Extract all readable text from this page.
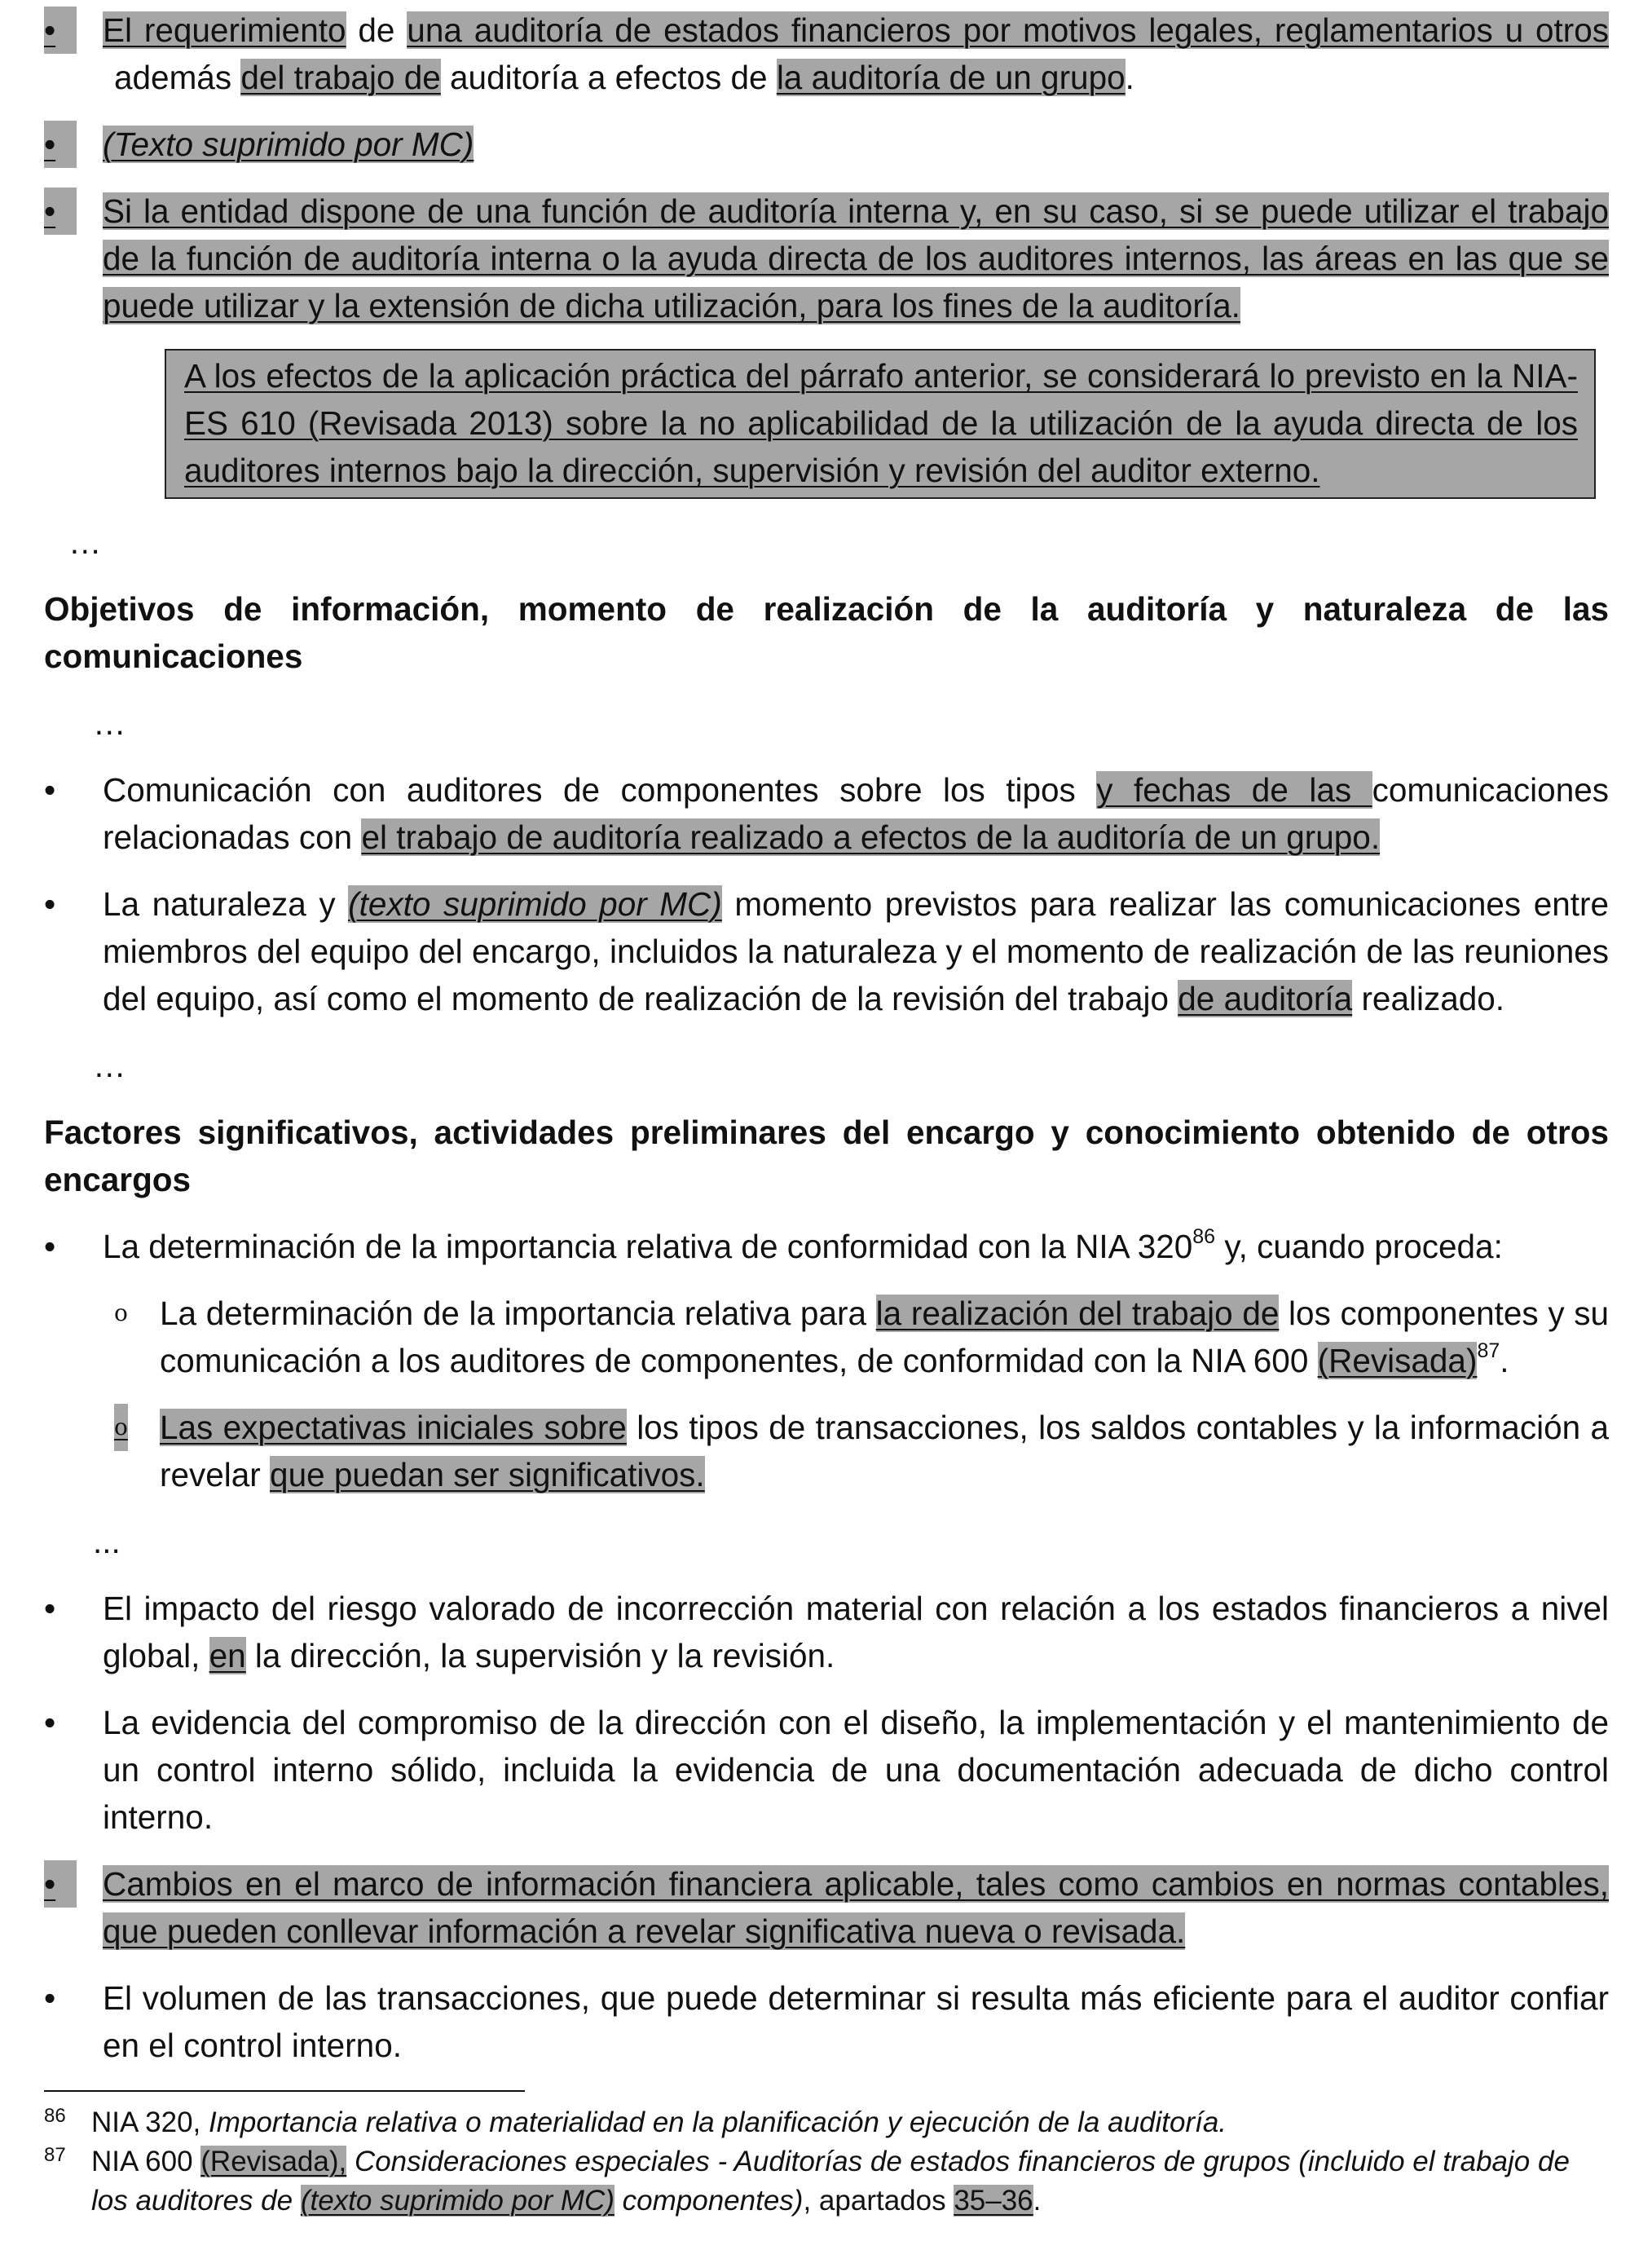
•	El requerimiento de una auditoría de estados financieros por motivos legales, reglamentarios u otros además del trabajo de auditoría a efectos de la auditoría de un grupo.
•	(Texto suprimido por MC)
•	Si la entidad dispone de una función de auditoría interna y, en su caso, si se puede utilizar el trabajo de la función de auditoría interna o la ayuda directa de los auditores internos, las áreas en las que se puede utilizar y la extensión de dicha utilización, para los fines de la auditoría.
A los efectos de la aplicación práctica del párrafo anterior, se considerará lo previsto en la NIA-ES 610 (Revisada 2013) sobre la no aplicabilidad de la utilización de la ayuda directa de los auditores internos bajo la dirección, supervisión y revisión del auditor externo.
…
Objetivos de información, momento de realización de la auditoría y naturaleza de las comunicaciones
…
•	Comunicación con auditores de componentes sobre los tipos y fechas de las comunicaciones relacionadas con el trabajo de auditoría realizado a efectos de la auditoría de un grupo.
•	La naturaleza y (texto suprimido por MC) momento previstos para realizar las comunicaciones entre miembros del equipo del encargo, incluidos la naturaleza y el momento de realización de las reuniones del equipo, así como el momento de realización de la revisión del trabajo de auditoría realizado.
…
Factores significativos, actividades preliminares del encargo y conocimiento obtenido de otros encargos
•	La determinación de la importancia relativa de conformidad con la NIA 320$^{86}$ y, cuando proceda:
o La determinación de la importancia relativa para la realización del trabajo de los componentes y su comunicación a los auditores de componentes, de conformidad con la NIA 600 (Revisada)$^{87}$.
o Las expectativas iniciales sobre los tipos de transacciones, los saldos contables y la información a revelar que puedan ser significativos.
...
•	El impacto del riesgo valorado de incorrección material con relación a los estados financieros a nivel global, en la dirección, la supervisión y la revisión.
•	La evidencia del compromiso de la dirección con el diseño, la implementación y el mantenimiento de un control interno sólido, incluida la evidencia de una documentación adecuada de dicho control interno.
•	Cambios en el marco de información financiera aplicable, tales como cambios en normas contables, que pueden conllevar información a revelar significativa nueva o revisada.
•	El volumen de las transacciones, que puede determinar si resulta más eficiente para el auditor confiar en el control interno.

86 NIA 320, Importancia relativa o materialidad en la planificación y ejecución de la auditoría.

87 NIA 600 (Revisada), Consideraciones especiales - Auditorías de estados financieros de grupos (incluido el trabajo de los auditores de (texto suprimido por MC) componentes), apartados 35–36.
